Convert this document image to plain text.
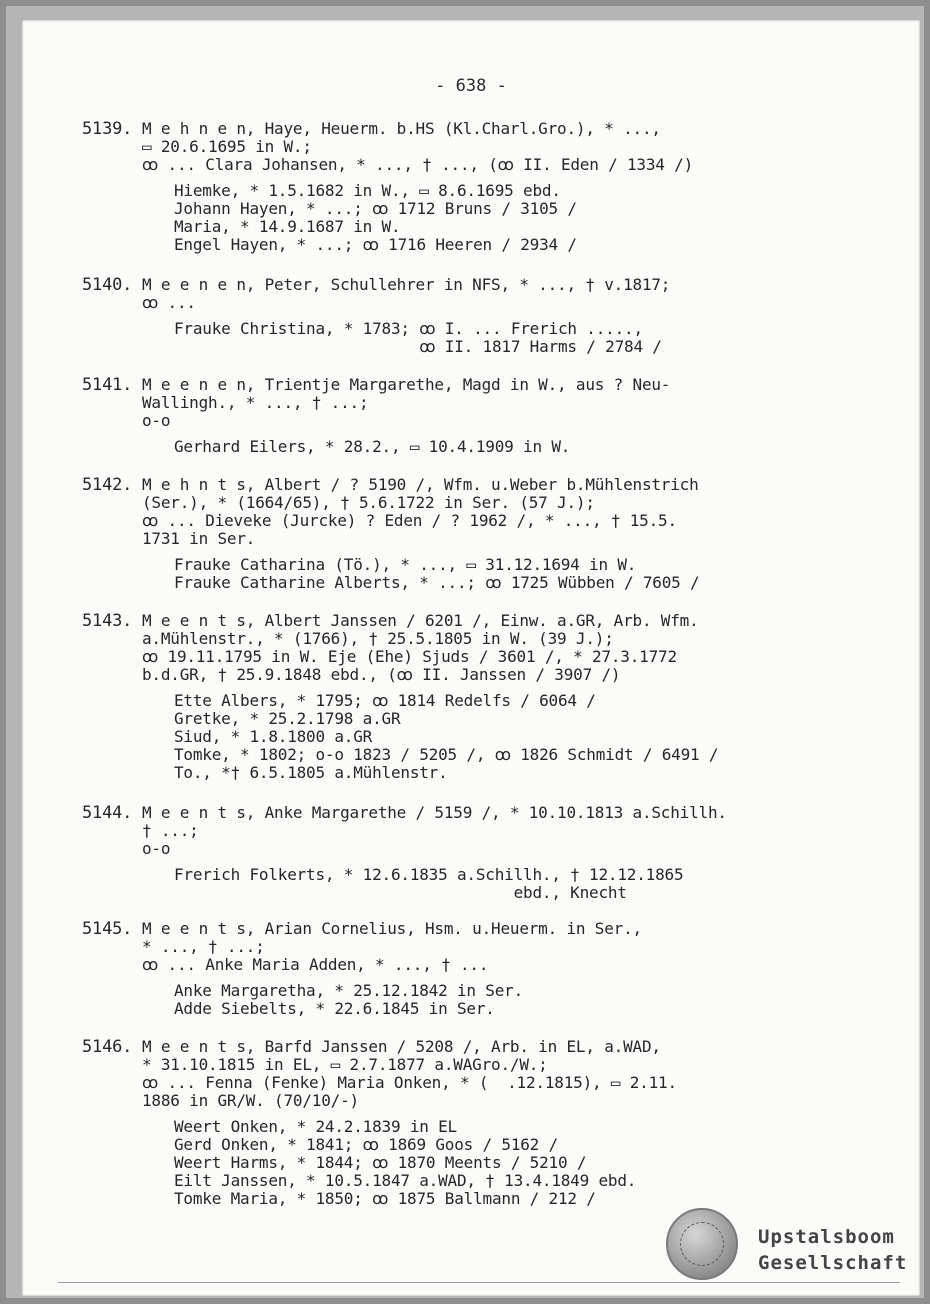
- 638 -
5139. M e h n e n, Haye, Heuerm. b.HS (Kl.Charl.Gro.), * ...,
▭ 20.6.1695 in W.;
ꝏ ... Clara Johansen, * ..., † ..., (ꝏ II. Eden / 1334 /)
Hiemke, * 1.5.1682 in W., ▭ 8.6.1695 ebd.
Johann Hayen, * ...; ꝏ 1712 Bruns / 3105 /
Maria, * 14.9.1687 in W.
Engel Hayen, * ...; ꝏ 1716 Heeren / 2934 /
5140. M e e n e n, Peter, Schullehrer in NFS, * ..., † v.1817;
ꝏ ...
Frauke Christina, * 1783; ꝏ I. ... Frerich .....,
ꝏ II. 1817 Harms / 2784 /
5141. M e e n e n, Trientje Margarethe, Magd in W., aus ? Neu-
Wallingh., * ..., † ...;
o-o
Gerhard Eilers, * 28.2., ▭ 10.4.1909 in W.
5142. M e h n t s, Albert / ? 5190 /, Wfm. u.Weber b.Mühlenstrich
(Ser.), * (1664/65), † 5.6.1722 in Ser. (57 J.);
ꝏ ... Dieveke (Jurcke) ? Eden / ? 1962 /, * ..., † 15.5.
1731 in Ser.
Frauke Catharina (Tö.), * ..., ▭ 31.12.1694 in W.
Frauke Catharine Alberts, * ...; ꝏ 1725 Wübben / 7605 /
5143. M e e n t s, Albert Janssen / 6201 /, Einw. a.GR, Arb. Wfm.
a.Mühlenstr., * (1766), † 25.5.1805 in W. (39 J.);
ꝏ 19.11.1795 in W. Eje (Ehe) Sjuds / 3601 /, * 27.3.1772
b.d.GR, † 25.9.1848 ebd., (ꝏ II. Janssen / 3907 /)
Ette Albers, * 1795; ꝏ 1814 Redelfs / 6064 /
Gretke, * 25.2.1798 a.GR
Siud, * 1.8.1800 a.GR
Tomke, * 1802; o-o 1823 / 5205 /, ꝏ 1826 Schmidt / 6491 /
To., *† 6.5.1805 a.Mühlenstr.
5144. M e e n t s, Anke Margarethe / 5159 /, * 10.10.1813 a.Schillh.
† ...;
o-o
Frerich Folkerts, * 12.6.1835 a.Schillh., † 12.12.1865
ebd., Knecht
5145. M e e n t s, Arian Cornelius, Hsm. u.Heuerm. in Ser.,
* ..., † ...;
ꝏ ... Anke Maria Adden, * ..., † ...
Anke Margaretha, * 25.12.1842 in Ser.
Adde Siebelts, * 22.6.1845 in Ser.
5146. M e e n t s, Barfd Janssen / 5208 /, Arb. in EL, a.WAD,
* 31.10.1815 in EL, ▭ 2.7.1877 a.WAGro./W.;
ꝏ ... Fenna (Fenke) Maria Onken, * (  .12.1815), ▭ 2.11.
1886 in GR/W. (70/10/-)
Weert Onken, * 24.2.1839 in EL
Gerd Onken, * 1841; ꝏ 1869 Goos / 5162 /
Weert Harms, * 1844; ꝏ 1870 Meents / 5210 /
Eilt Janssen, * 10.5.1847 a.WAD, † 13.4.1849 ebd.
Tomke Maria, * 1850; ꝏ 1875 Ballmann / 212 /
Upstalsboom
Gesellschaft
